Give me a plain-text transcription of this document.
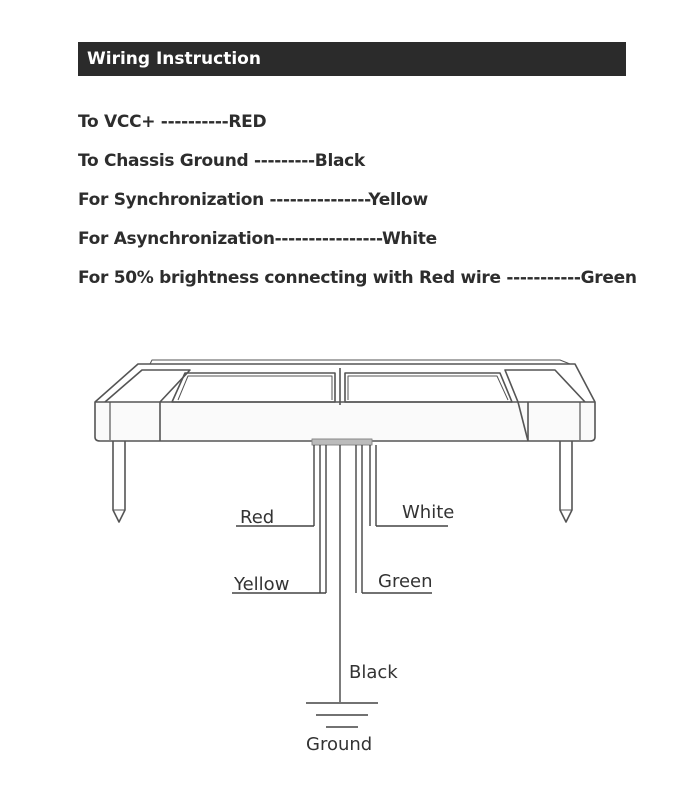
Wiring Instruction
To VCC+ ----------RED
To Chassis Ground ---------Black
For Synchronization ---------------Yellow
For Asynchronization----------------White
For 50% brightness connecting with Red wire -----------Green
Red
Yellow
White
Green
Black
Ground
